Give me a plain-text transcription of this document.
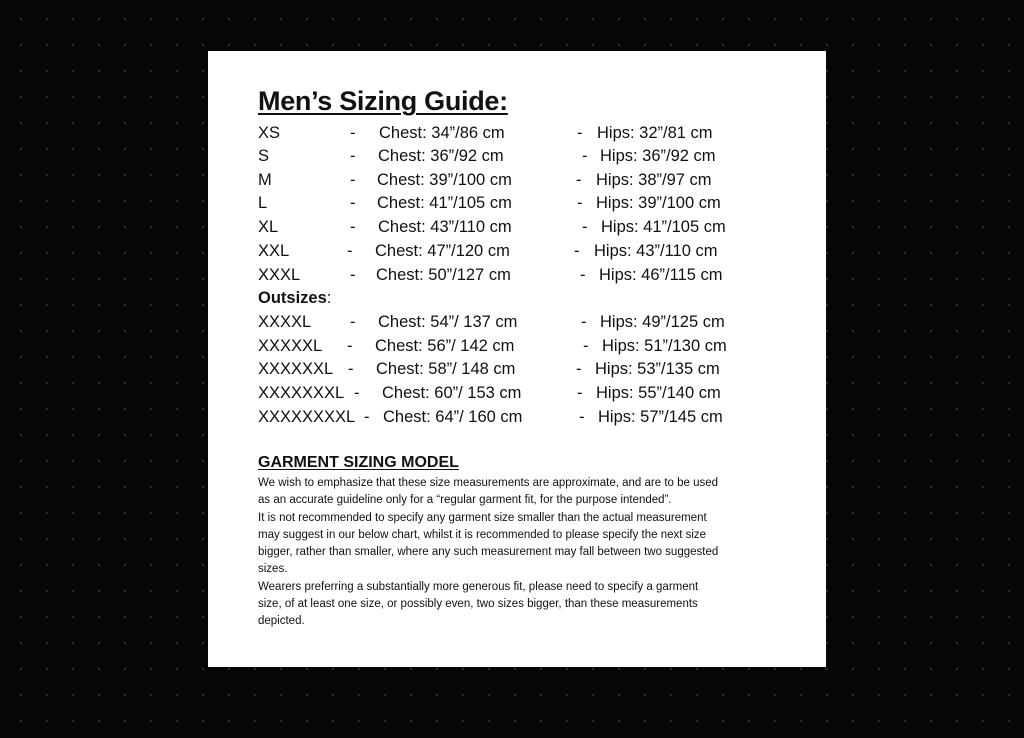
Men’s Sizing Guide:
XS	- Chest: 34”/86 cm	- Hips: 32”/81 cm
S	- Chest: 36”/92 cm	- Hips: 36”/92 cm
M	- Chest: 39”/100 cm	- Hips: 38”/97 cm
L	- Chest: 41”/105 cm	- Hips: 39”/100 cm
XL	- Chest: 43”/110 cm	- Hips: 41”/105 cm
XXL	- Chest: 47”/120 cm	- Hips: 43”/110 cm
XXXL	- Chest: 50”/127 cm	- Hips: 46”/115 cm
Outsizes:
XXXXL - Chest: 54”/ 137 cm	- Hips: 49”/125 cm
XXXXXL - Chest: 56”/ 142 cm	- Hips: 51”/130 cm
XXXXXXL - Chest: 58”/ 148 cm	- Hips: 53”/135 cm
XXXXXXXL - Chest: 60”/ 153 cm	- Hips: 55”/140 cm
XXXXXXXXL - Chest: 64”/ 160 cm	- Hips: 57”/145 cm
GARMENT SIZING MODEL
We wish to emphasize that these size measurements are approximate, and are to be used
as an accurate guideline only for a “regular garment fit, for the purpose intended”.
It is not recommended to specify any garment size smaller than the actual measurement
may suggest in our below chart, whilst it is recommended to please specify the next size
bigger, rather than smaller, where any such measurement may fall between two suggested
sizes.
Wearers preferring a substantially more generous fit, please need to specify a garment
size, of at least one size, or possibly even, two sizes bigger, than these measurements
depicted.
